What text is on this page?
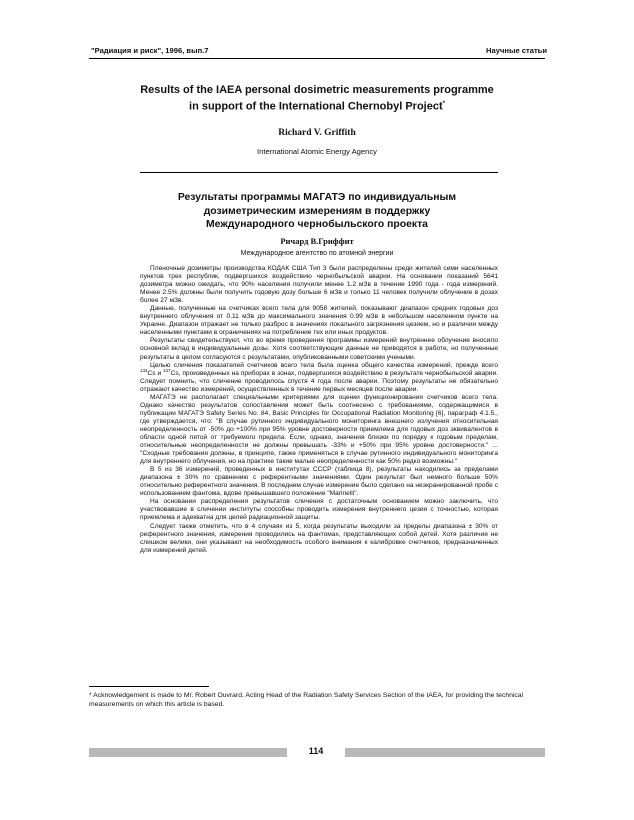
"Радиация и риск", 1996, вып.7	Научные статьи
Results of the IAEA personal dosimetric measurements programme
in support of the International Chernobyl Project*
Richard V. Griffith
International Atomic Energy Agency
Результаты программы МАГАТЭ по индивидуальным
дозиметрическим измерениям в поддержку
Международного чернобыльского проекта
Ричард В.Гриффит
Международное агентство по атомной энергии

Пленочные дозиметры производства КОДАК США Тип 3 были распределены среди жителей семи населенных пунктов трех республик, подвергшихся воздействию чернобыльской аварии. На основании показаний 5641 дозиметра можно ожидать, что 90% населения получили менее 1.2 мЗв в течение 1990 года - года измерений. Менее 2.5% должны были получить годовую дозу больше 6 мЗв и только 11 человек получили облучение в дозах более 27 мЗв.

Данные, полученные на счетчиках всего тела для 9058 жителей, показывают диапазон средних годовых доз внутреннего облучения от 0.11 мЗв до максимального значения 0.99 мЗв в небольшом населенном пункте на Украине. Диапазон отражает не только разброс в значениях локального загрязнения цезием, но и различия между населенными пунктами в ограничениях на потребление тех или иных продуктов.

Результаты свидетельствуют, что во время проведения программы измерений внутреннее облучение вносило основной вклад в индивидуальные дозы. Хотя соответствующие данные не приводятся в работе, но полученные результаты в целом согласуются с результатами, опубликованными советскими учеными.

Целью сличения показателей счетчиков всего тела была оценка общего качества измерений, прежде всего $^{134}$Cs и $^{137}$Cs, произведенных на приборах в зонах, подвергшихся воздействию в результате чернобыльской аварии. Следует помнить, что сличение проводилось спустя 4 года после аварии. Поэтому результаты не обязательно отражают качество измерений, осуществленных в течение первых месяцев после аварии.

МАГАТЭ не располагает специальными критериями для оценки функционирования счетчиков всего тела. Однако качество результатов сопоставления может быть соотнесено с требованиями, содержащимися в публикации МАГАТЭ Safety Series No. 84, Basic Principles for Occupational Radiation Monitoring [6], параграф 4.1.5., где утверждается, что: "В случае рутинного индивидуального мониторинга внешнего излучения относительная неопределенность от -50% до +100% при 95% уровне достоверности приемлема для годовых доз эквивалентов в области одной пятой от требуемого предела. Если, однако, значения близки по порядку к годовым пределам, относительные неопределенности не должны превышать -33% и +50% при 95% уровне достоверности." ... "Сходные требования должны, в принципе, также применяться в случае рутинного индивидуального мониторинга для внутреннего облучения, но на практике такие малые неопределенности как 50% редко возможны."

В 5 из 36 измерений, проведенных в институтах СССР (таблица 8), результаты находились за пределами диапазона ± 30% по сравнению с референтными значениями. Один результат был немного больше 50% относительно референтного значения. В последнем случае измерение было сделано на неэкранированной пробе с использованием фантома, вдове превышавшего положение "Marinelli".

На основании распределения результатов сличения с достаточным основанием можно заключить, что участвовавшие в сличении институты способны проводить измерения внутреннего цезия с точностью, которая приемлема и адекватна для целей радиационной защиты.

Следует также отметить, что в 4 случаях из 5, когда результаты выходили за пределы диапазона ± 30% от референтного значения, измерения проводились на фантомах, представляющих собой детей. Хотя различия не слишком велики, они указывают на необходимость особого внимания к калибровке счетчиков, предназначенных для измерений детей.

* Acknowledgement is made to Mr. Robert Ouvrard, Acting Head of the Radiation Safety Services Section of the IAEA, for providing the technical measurements on which this article is based.
114
